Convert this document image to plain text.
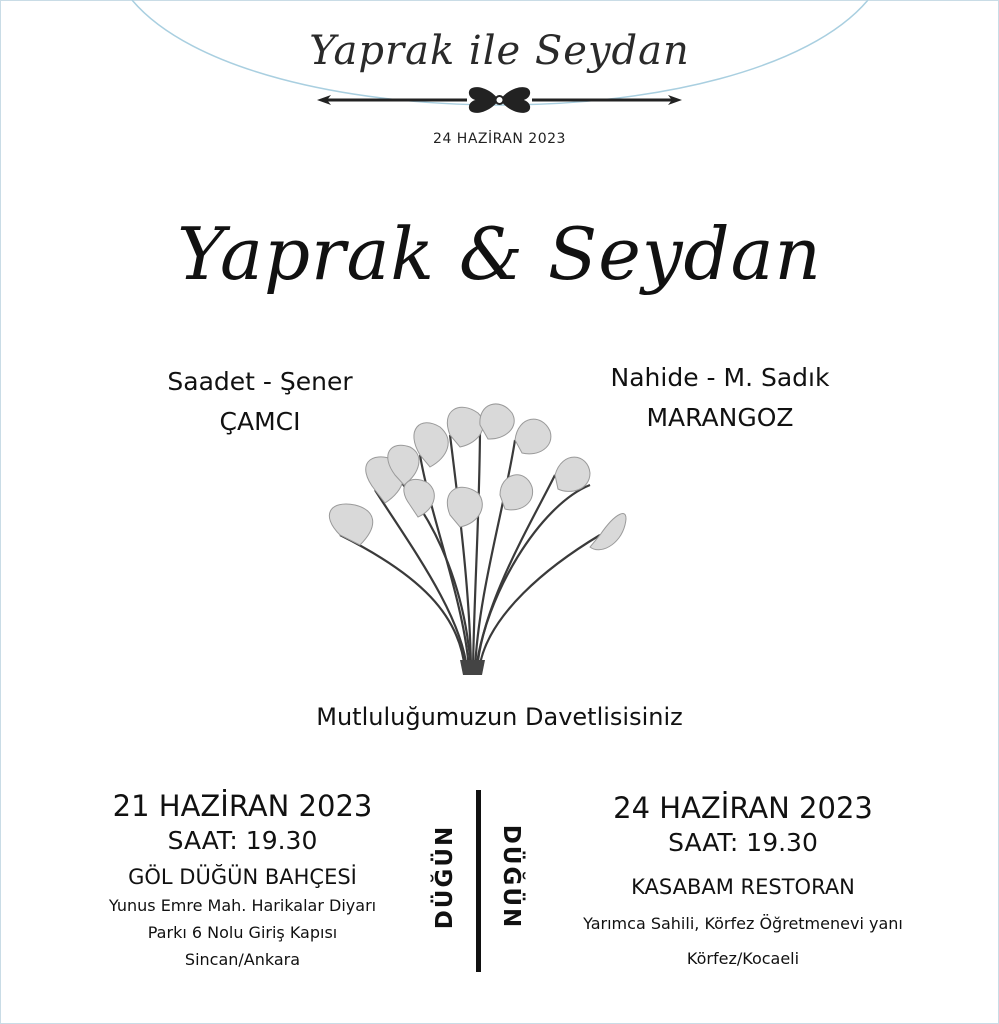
Yaprak ile Seydan
24 HAZİRAN 2023
Yaprak & Seydan
Saadet - Şener
ÇAMCI
Nahide - M. Sadık
MARANGOZ
Mutluluğumuzun Davetlisisiniz
21 HAZİRAN 2023
SAAT: 19.30
GÖL DÜĞÜN BAHÇESİ
Yunus Emre Mah. Harikalar Diyarı
Parkı 6 Nolu Giriş Kapısı
Sincan/Ankara
DÜĞÜN DÜĞÜN
24 HAZİRAN 2023
SAAT: 19.30
KASABAM RESTORAN
Yarımca Sahili, Körfez Öğretmenevi yanı
Körfez/Kocaeli
